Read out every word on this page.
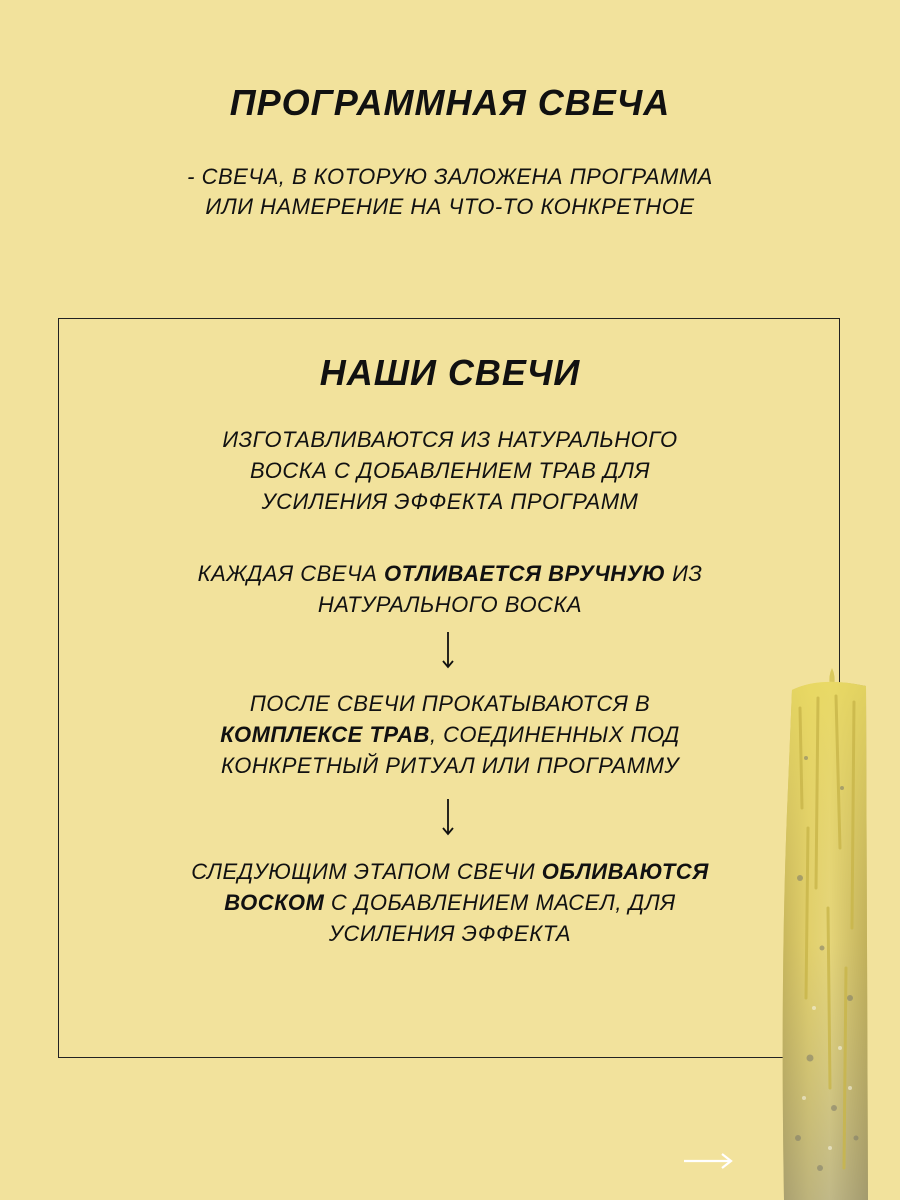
ПРОГРАММНАЯ СВЕЧА
- СВЕЧА, В КОТОРУЮ ЗАЛОЖЕНА ПРОГРАММА
ИЛИ НАМЕРЕНИЕ НА ЧТО-ТО КОНКРЕТНОЕ
НАШИ СВЕЧИ
ИЗГОТАВЛИВАЮТСЯ ИЗ НАТУРАЛЬНОГО
ВОСКА С ДОБАВЛЕНИЕМ ТРАВ ДЛЯ
УСИЛЕНИЯ ЭФФЕКТА ПРОГРАММ
КАЖДАЯ СВЕЧА ОТЛИВАЕТСЯ ВРУЧНУЮ ИЗ
НАТУРАЛЬНОГО ВОСКА
ПОСЛЕ СВЕЧИ ПРОКАТЫВАЮТСЯ В
КОМПЛЕКСЕ ТРАВ, СОЕДИНЕННЫХ ПОД
КОНКРЕТНЫЙ РИТУАЛ ИЛИ ПРОГРАММУ
СЛЕДУЮЩИМ ЭТАПОМ СВЕЧИ ОБЛИВАЮТСЯ
ВОСКОМ С ДОБАВЛЕНИЕМ МАСЕЛ, ДЛЯ
УСИЛЕНИЯ ЭФФЕКТА
